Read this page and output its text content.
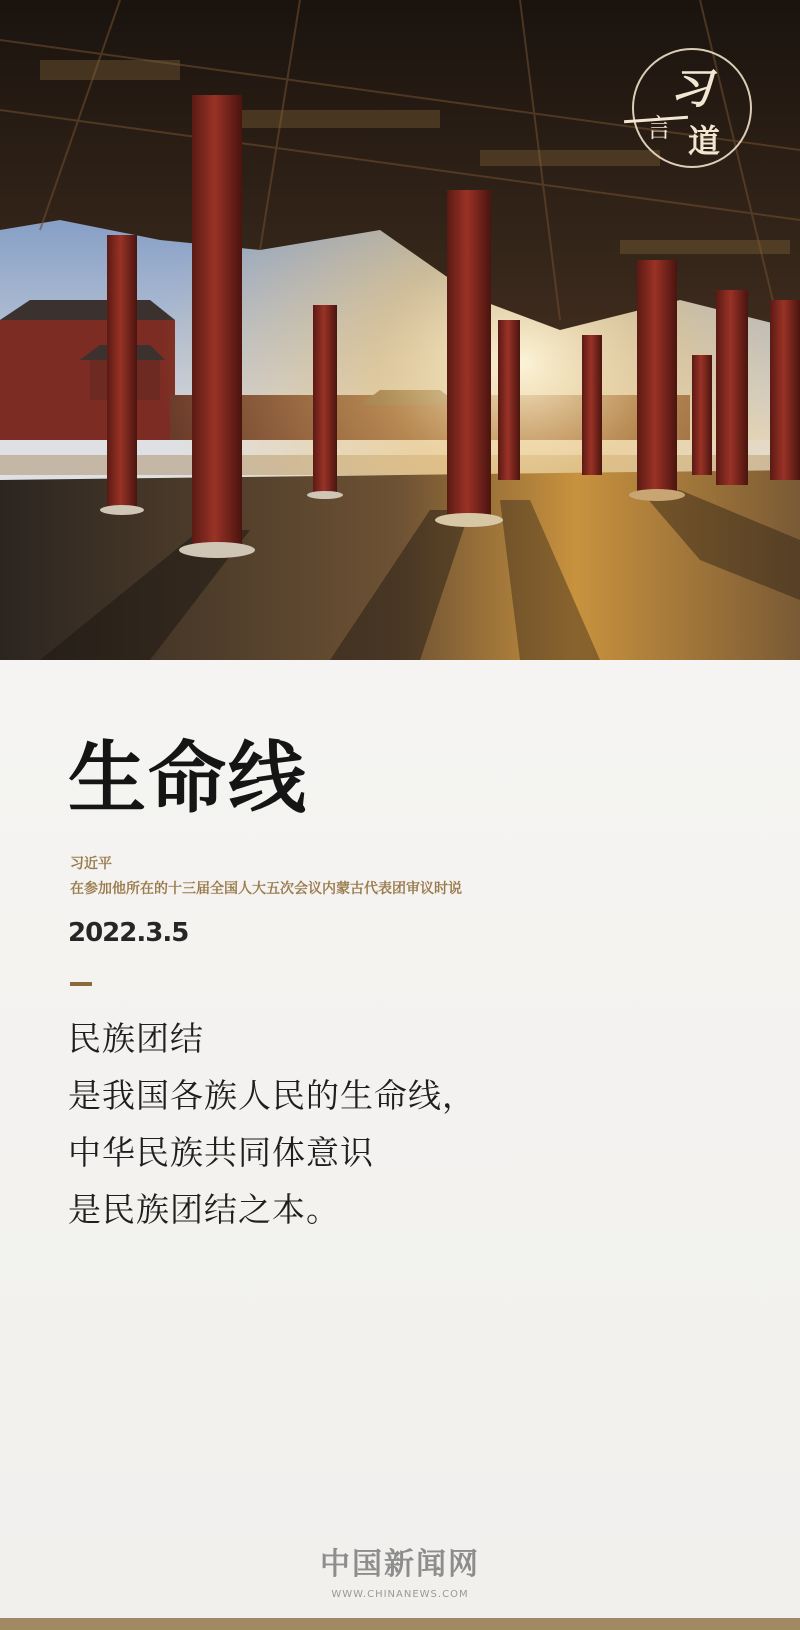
习
言 道
生命线
习近平
在参加他所在的十三届全国人大五次会议内蒙古代表团审议时说
2022.3.5
民族团结
是我国各族人民的生命线，
中华民族共同体意识
是民族团结之本。
中国新闻网
WWW.CHINANEWS.COM
